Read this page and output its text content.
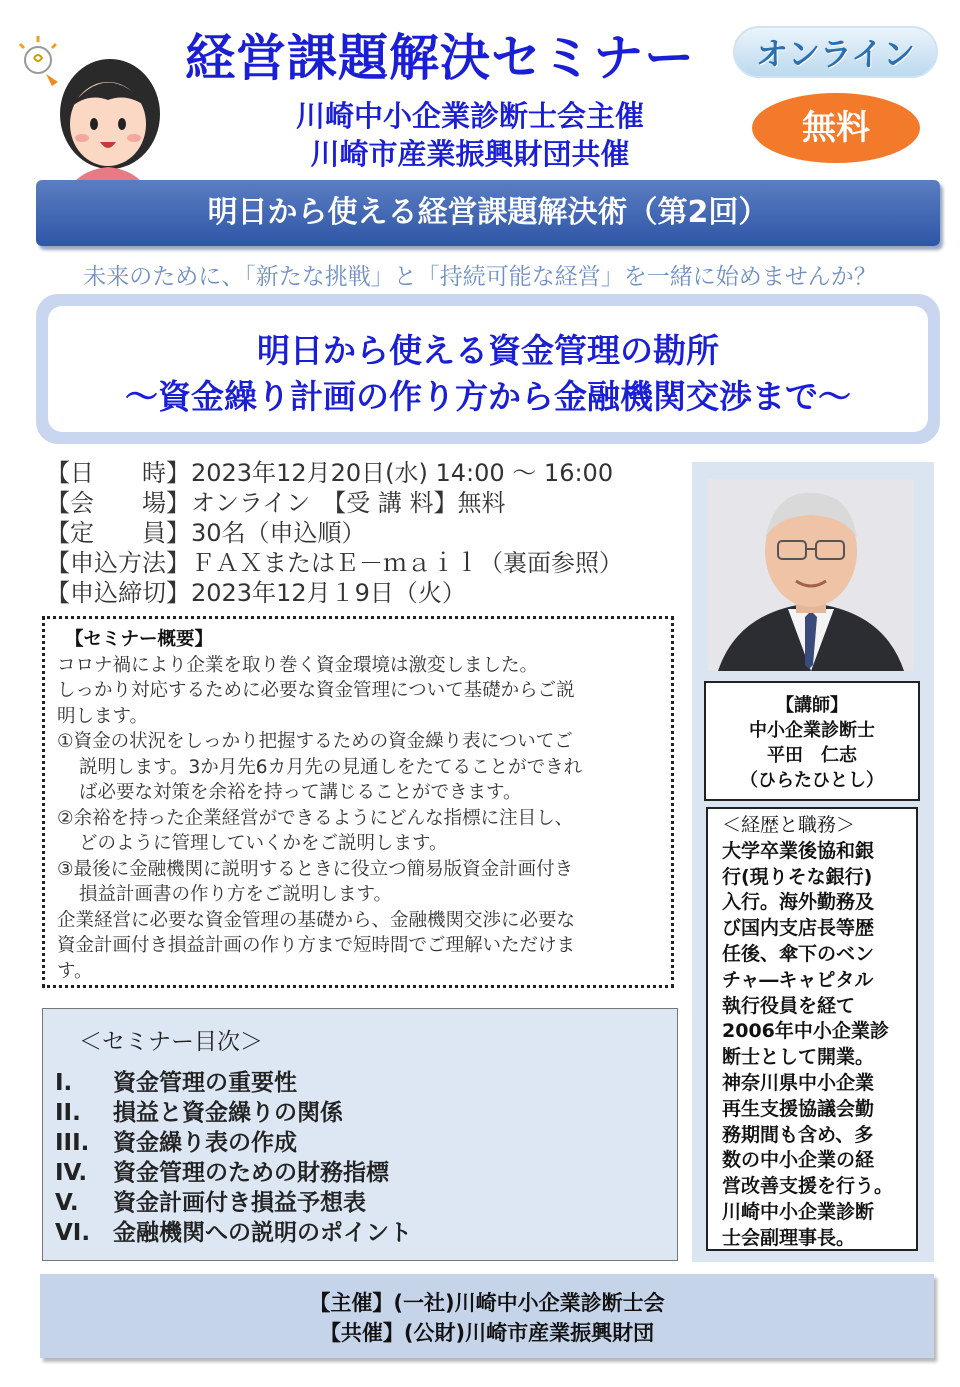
経営課題解決セミナー	オンライン
無料
川崎中小企業診断士会主催
川崎市産業振興財団共催
明日から使える経営課題解決術（第2回）
未来のために、「新たな挑戦」と「持続可能な経営」を一緒に始めませんか？
明日から使える資金管理の勘所
～資金繰り計画の作り方から金融機関交渉まで～
【日　　時】2023年12月20日(水) 14:00 ～ 16:00
【会　　場】オンライン　【受 講 料】無料
【定　　員】30名（申込順）
【申込方法】ＦＡＸまたはＥ－ｍａｉｌ（裏面参照）
【申込締切】2023年12月１9日（火）
【セミナー概要】
コロナ禍により企業を取り巻く資金環境は激変しました。
しっかり対応するために必要な資金管理について基礎からご説
明します。
①資金の状況をしっかり把握するための資金繰り表についてご
説明します。3か月先6カ月先の見通しをたてることができれ
ば必要な対策を余裕を持って講じることができます。
②余裕を持った企業経営ができるようにどんな指標に注目し、
どのように管理していくかをご説明します。
③最後に金融機関に説明するときに役立つ簡易版資金計画付き
損益計画書の作り方をご説明します。
企業経営に必要な資金管理の基礎から、金融機関交渉に必要な
資金計画付き損益計画の作り方まで短時間でご理解いただけま
す。
＜セミナー目次＞
I. 資金管理の重要性
II. 損益と資金繰りの関係
III. 資金繰り表の作成
IV. 資金管理のための財務指標
V. 資金計画付き損益予想表
VI. 金融機関への説明のポイント
【講師】
中小企業診断士
平田　仁志
（ひらたひとし）
＜経歴と職務＞
大学卒業後協和銀
行(現りそな銀行)
入行。海外勤務及
び国内支店長等歴
任後、傘下のベン
チャ―キャピタル
執行役員を経て
2006年中小企業診
断士として開業。
神奈川県中小企業
再生支援協議会勤
務期間も含め、多
数の中小企業の経
営改善支援を行う。
川崎中小企業診断
士会副理事長。
【主催】(一社)川崎中小企業診断士会
【共催】(公財)川崎市産業振興財団
